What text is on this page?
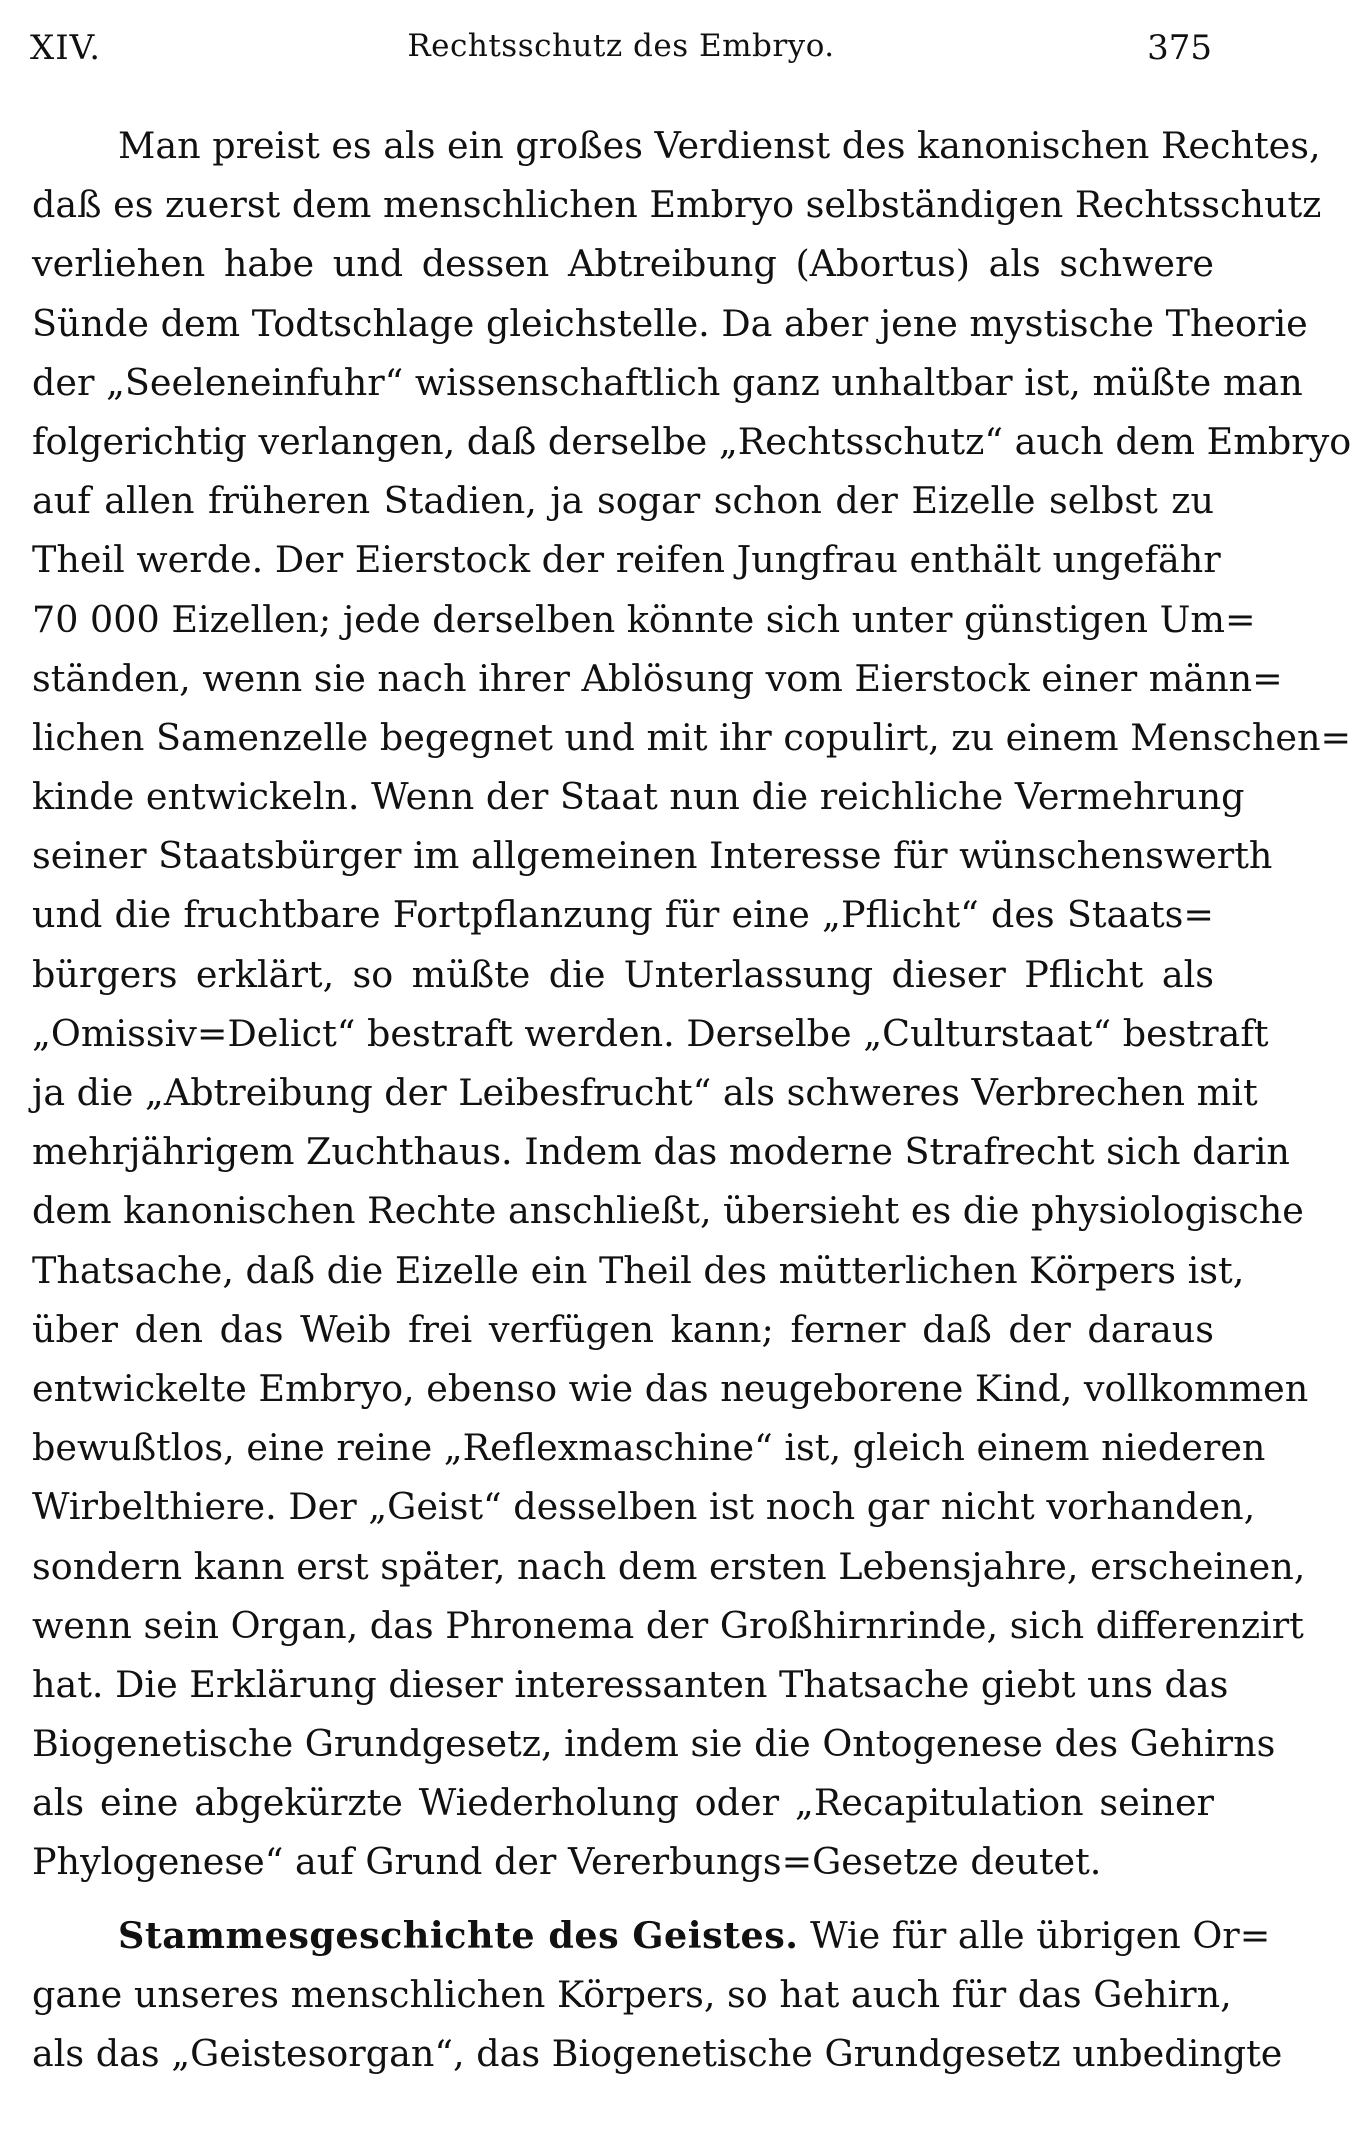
XIV.	Rechtsschutz des Embryo.	375
Man preist es als ein großes Verdienst des kanonischen Rechtes,
daß es zuerst dem menschlichen Embryo selbständigen Rechtsschutz
verliehen habe und dessen Abtreibung (Abortus) als schwere
Sünde dem Todtschlage gleichstelle. Da aber jene mystische Theorie
der „Seeleneinfuhr“ wissenschaftlich ganz unhaltbar ist, müßte man
folgerichtig verlangen, daß derselbe „Rechtsschutz“ auch dem Embryo
auf allen früheren Stadien, ja sogar schon der Eizelle selbst zu
Theil werde. Der Eierstock der reifen Jungfrau enthält ungefähr
70 000 Eizellen; jede derselben könnte sich unter günstigen Um=
ständen, wenn sie nach ihrer Ablösung vom Eierstock einer männ=
lichen Samenzelle begegnet und mit ihr copulirt, zu einem Menschen=
kinde entwickeln. Wenn der Staat nun die reichliche Vermehrung
seiner Staatsbürger im allgemeinen Interesse für wünschenswerth
und die fruchtbare Fortpflanzung für eine „Pflicht“ des Staats=
bürgers erklärt, so müßte die Unterlassung dieser Pflicht als
„Omissiv=Delict“ bestraft werden. Derselbe „Culturstaat“ bestraft
ja die „Abtreibung der Leibesfrucht“ als schweres Verbrechen mit
mehrjährigem Zuchthaus. Indem das moderne Strafrecht sich darin
dem kanonischen Rechte anschließt, übersieht es die physiologische
Thatsache, daß die Eizelle ein Theil des mütterlichen Körpers ist,
über den das Weib frei verfügen kann; ferner daß der daraus
entwickelte Embryo, ebenso wie das neugeborene Kind, vollkommen
bewußtlos, eine reine „Reflexmaschine“ ist, gleich einem niederen
Wirbelthiere. Der „Geist“ desselben ist noch gar nicht vorhanden,
sondern kann erst später, nach dem ersten Lebensjahre, erscheinen,
wenn sein Organ, das Phronema der Großhirnrinde, sich differenzirt
hat. Die Erklärung dieser interessanten Thatsache giebt uns das
Biogenetische Grundgesetz, indem sie die Ontogenese des Gehirns
als eine abgekürzte Wiederholung oder „Recapitulation seiner
Phylogenese“ auf Grund der Vererbungs=Gesetze deutet.
Stammesgeschichte des Geistes. Wie für alle übrigen Or=
gane unseres menschlichen Körpers, so hat auch für das Gehirn,
als das „Geistesorgan“, das Biogenetische Grundgesetz unbedingte
